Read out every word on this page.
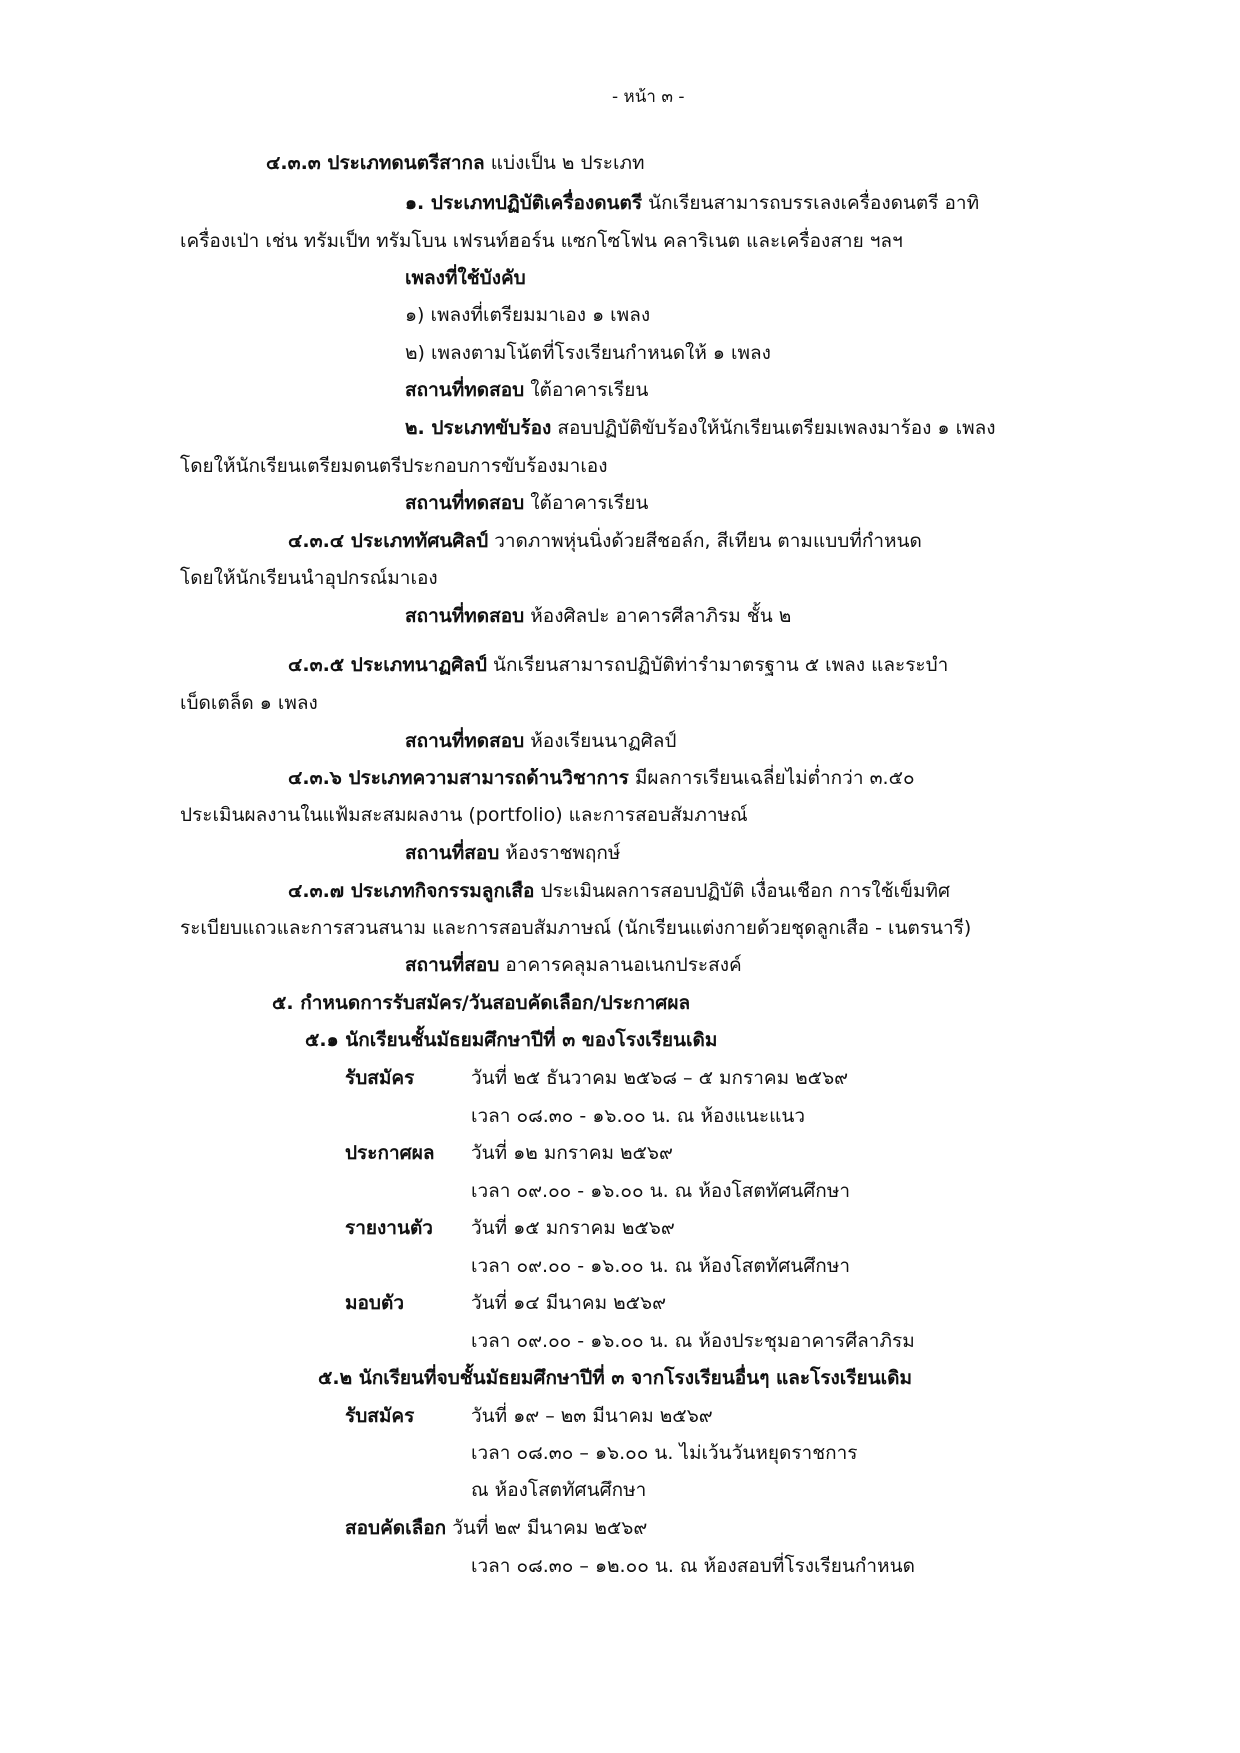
- หน้า ๓ -
๔.๓.๓ ประเภทดนตรีสากล แบ่งเป็น ๒ ประเภท
๑. ประเภทปฏิบัติเครื่องดนตรี นักเรียนสามารถบรรเลงเครื่องดนตรี อาทิ
เครื่องเป่า เช่น ทรัมเป็ท ทรัมโบน เฟรนท์ฮอร์น แซกโซโฟน คลาริเนต และเครื่องสาย ฯลฯ
เพลงที่ใช้บังคับ
๑) เพลงที่เตรียมมาเอง ๑ เพลง
๒) เพลงตามโน้ตที่โรงเรียนกำหนดให้ ๑ เพลง
สถานที่ทดสอบ ใต้อาคารเรียน
๒. ประเภทขับร้อง สอบปฏิบัติขับร้องให้นักเรียนเตรียมเพลงมาร้อง ๑ เพลง
โดยให้นักเรียนเตรียมดนตรีประกอบการขับร้องมาเอง
สถานที่ทดสอบ ใต้อาคารเรียน
๔.๓.๔ ประเภททัศนศิลป์ วาดภาพหุ่นนิ่งด้วยสีชอล์ก, สีเทียน ตามแบบที่กำหนด
โดยให้นักเรียนนำอุปกรณ์มาเอง
สถานที่ทดสอบ ห้องศิลปะ อาคารศีลาภิรม ชั้น ๒
๔.๓.๕ ประเภทนาฏศิลป์ นักเรียนสามารถปฏิบัติท่ารำมาตรฐาน ๕ เพลง และระบำ
เบ็ดเตล็ด ๑ เพลง
สถานที่ทดสอบ ห้องเรียนนาฏศิลป์
๔.๓.๖ ประเภทความสามารถด้านวิชาการ มีผลการเรียนเฉลี่ยไม่ต่ำกว่า ๓.๕๐
ประเมินผลงานในแฟ้มสะสมผลงาน (portfolio) และการสอบสัมภาษณ์
สถานที่สอบ ห้องราชพฤกษ์
๔.๓.๗ ประเภทกิจกรรมลูกเสือ ประเมินผลการสอบปฏิบัติ เงื่อนเชือก การใช้เข็มทิศ
ระเบียบแถวและการสวนสนาม และการสอบสัมภาษณ์ (นักเรียนแต่งกายด้วยชุดลูกเสือ - เนตรนารี)
สถานที่สอบ อาคารคลุมลานอเนกประสงค์
๕. กำหนดการรับสมัคร/วันสอบคัดเลือก/ประกาศผล
๕.๑ นักเรียนชั้นมัธยมศึกษาปีที่ ๓ ของโรงเรียนเดิม
รับสมัคร	วันที่ ๒๕ ธันวาคม ๒๕๖๘ – ๕ มกราคม ๒๕๖๙
เวลา ๐๘.๓๐ - ๑๖.๐๐ น. ณ ห้องแนะแนว
ประกาศผล วันที่ ๑๒ มกราคม ๒๕๖๙
เวลา ๐๙.๐๐ - ๑๖.๐๐ น. ณ ห้องโสตทัศนศึกษา
รายงานตัว วันที่ ๑๕ มกราคม ๒๕๖๙
เวลา ๐๙.๐๐ - ๑๖.๐๐ น. ณ ห้องโสตทัศนศึกษา
มอบตัว	วันที่ ๑๔ มีนาคม ๒๕๖๙
เวลา ๐๙.๐๐ - ๑๖.๐๐ น. ณ ห้องประชุมอาคารศีลาภิรม
๕.๒ นักเรียนที่จบชั้นมัธยมศึกษาปีที่ ๓ จากโรงเรียนอื่นๆ และโรงเรียนเดิม
รับสมัคร	วันที่ ๑๙ – ๒๓ มีนาคม ๒๕๖๙
เวลา ๐๘.๓๐ – ๑๖.๐๐ น. ไม่เว้นวันหยุดราชการ
ณ ห้องโสตทัศนศึกษา
สอบคัดเลือก วันที่ ๒๙ มีนาคม ๒๕๖๙
เวลา ๐๘.๓๐ – ๑๒.๐๐ น. ณ ห้องสอบที่โรงเรียนกำหนด
